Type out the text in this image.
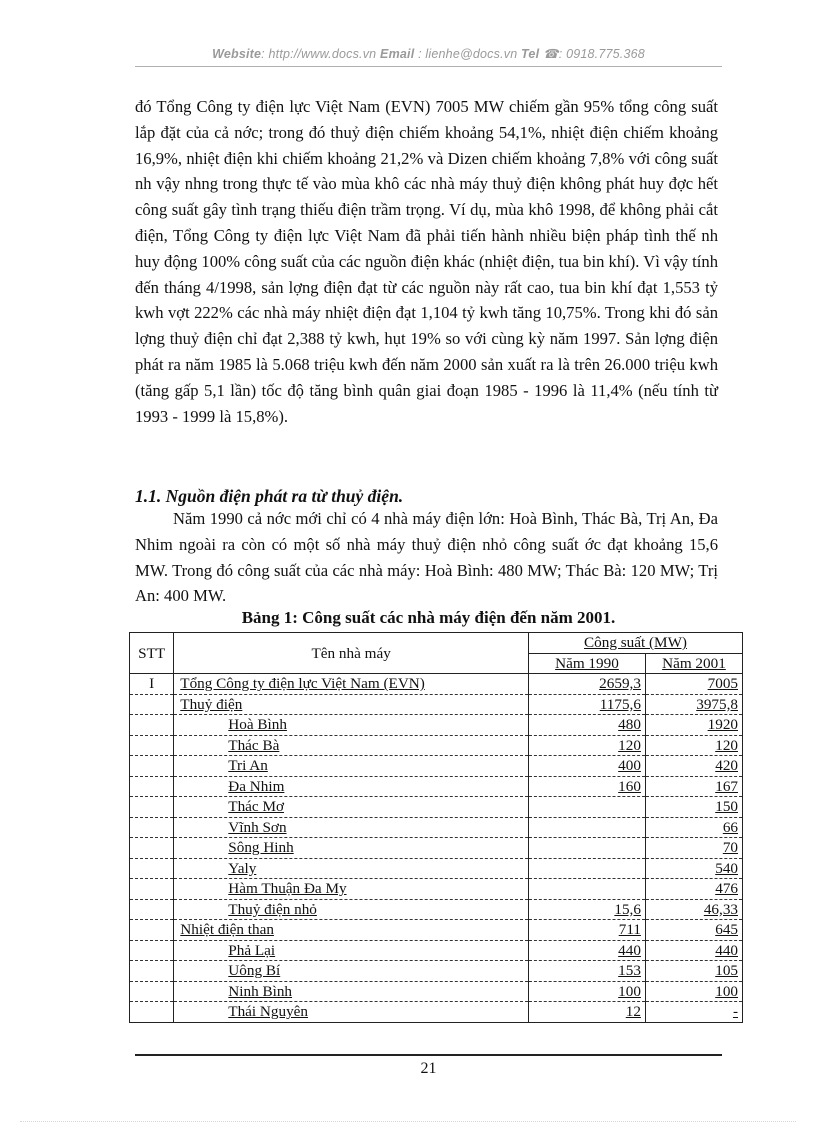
Website: http://www.docs.vn Email : lienhe@docs.vn Tel ☎: 0918.775.368

đó Tổng Công ty điện lực Việt Nam (EVN) 7005 MW chiếm gần 95% tổng công suất lắp đặt của cả nớc; trong đó thuỷ điện chiếm khoảng 54,1%, nhiệt điện chiếm khoảng 16,9%, nhiệt điện khi chiếm khoảng 21,2% và Dizen chiếm khoảng 7,8% với công suất nh vậy nhng trong thực tế vào mùa khô các nhà máy thuỷ điện không phát huy đợc hết công suất gây tình trạng thiếu điện trầm trọng. Ví dụ, mùa khô 1998, để không phải cắt điện, Tổng Công ty điện lực Việt Nam đã phải tiến hành nhiều biện pháp tình thế nh huy động 100% công suất của các nguồn điện khác (nhiệt điện, tua bin khí). Vì vậy tính đến tháng 4/1998, sản lợng điện đạt từ các nguồn này rất cao, tua bin khí đạt 1,553 tỷ kwh vợt 222% các nhà máy nhiệt điện đạt 1,104 tỷ kwh tăng 10,75%. Trong khi đó sản lợng thuỷ điện chỉ đạt 2,388 tỷ kwh, hụt 19% so với cùng kỳ năm 1997. Sản lợng điện phát ra năm 1985 là 5.068 triệu kwh đến năm 2000 sản xuất ra là trên 26.000 triệu kwh (tăng gấp 5,1 lần) tốc độ tăng bình quân giai đoạn 1985 - 1996 là 11,4% (nếu tính từ 1993 - 1999 là 15,8%).

1.1. Nguồn điện phát ra từ thuỷ điện.

Năm 1990 cả nớc mới chỉ có 4 nhà máy điện lớn: Hoà Bình, Thác Bà, Trị An, Đa Nhim ngoài ra còn có một số nhà máy thuỷ điện nhỏ công suất ớc đạt khoảng 15,6 MW. Trong đó công suất của các nhà máy: Hoà Bình: 480 MW; Thác Bà: 120 MW; Trị An: 400 MW.

Bảng 1: Công suất các nhà máy điện đến năm 2001.
STT	Tên nhà máy	Công suất (MW)	
		Năm 1990	Năm 2001
I	Tổng Công ty điện lực Việt Nam (EVN)	2659,3	7005
	Thuỷ điện	1175,6	3975,8
	Hoà Bình	480	1920
	Thác Bà	120	120
	Tri An	400	420
	Đa Nhim	160	167
	Thác Mơ		150
	Vĩnh Sơn		66
	Sông Hinh		70
	Yaly		540
	Hàm Thuận Đa My		476
	Thuỷ điện nhỏ	15,6	46,33
	Nhiệt điện than	711	645
	Phả Lại	440	440
	Uông Bí	153	105
	Ninh Bình	100	100
	Thái Nguyên	12	-
21
